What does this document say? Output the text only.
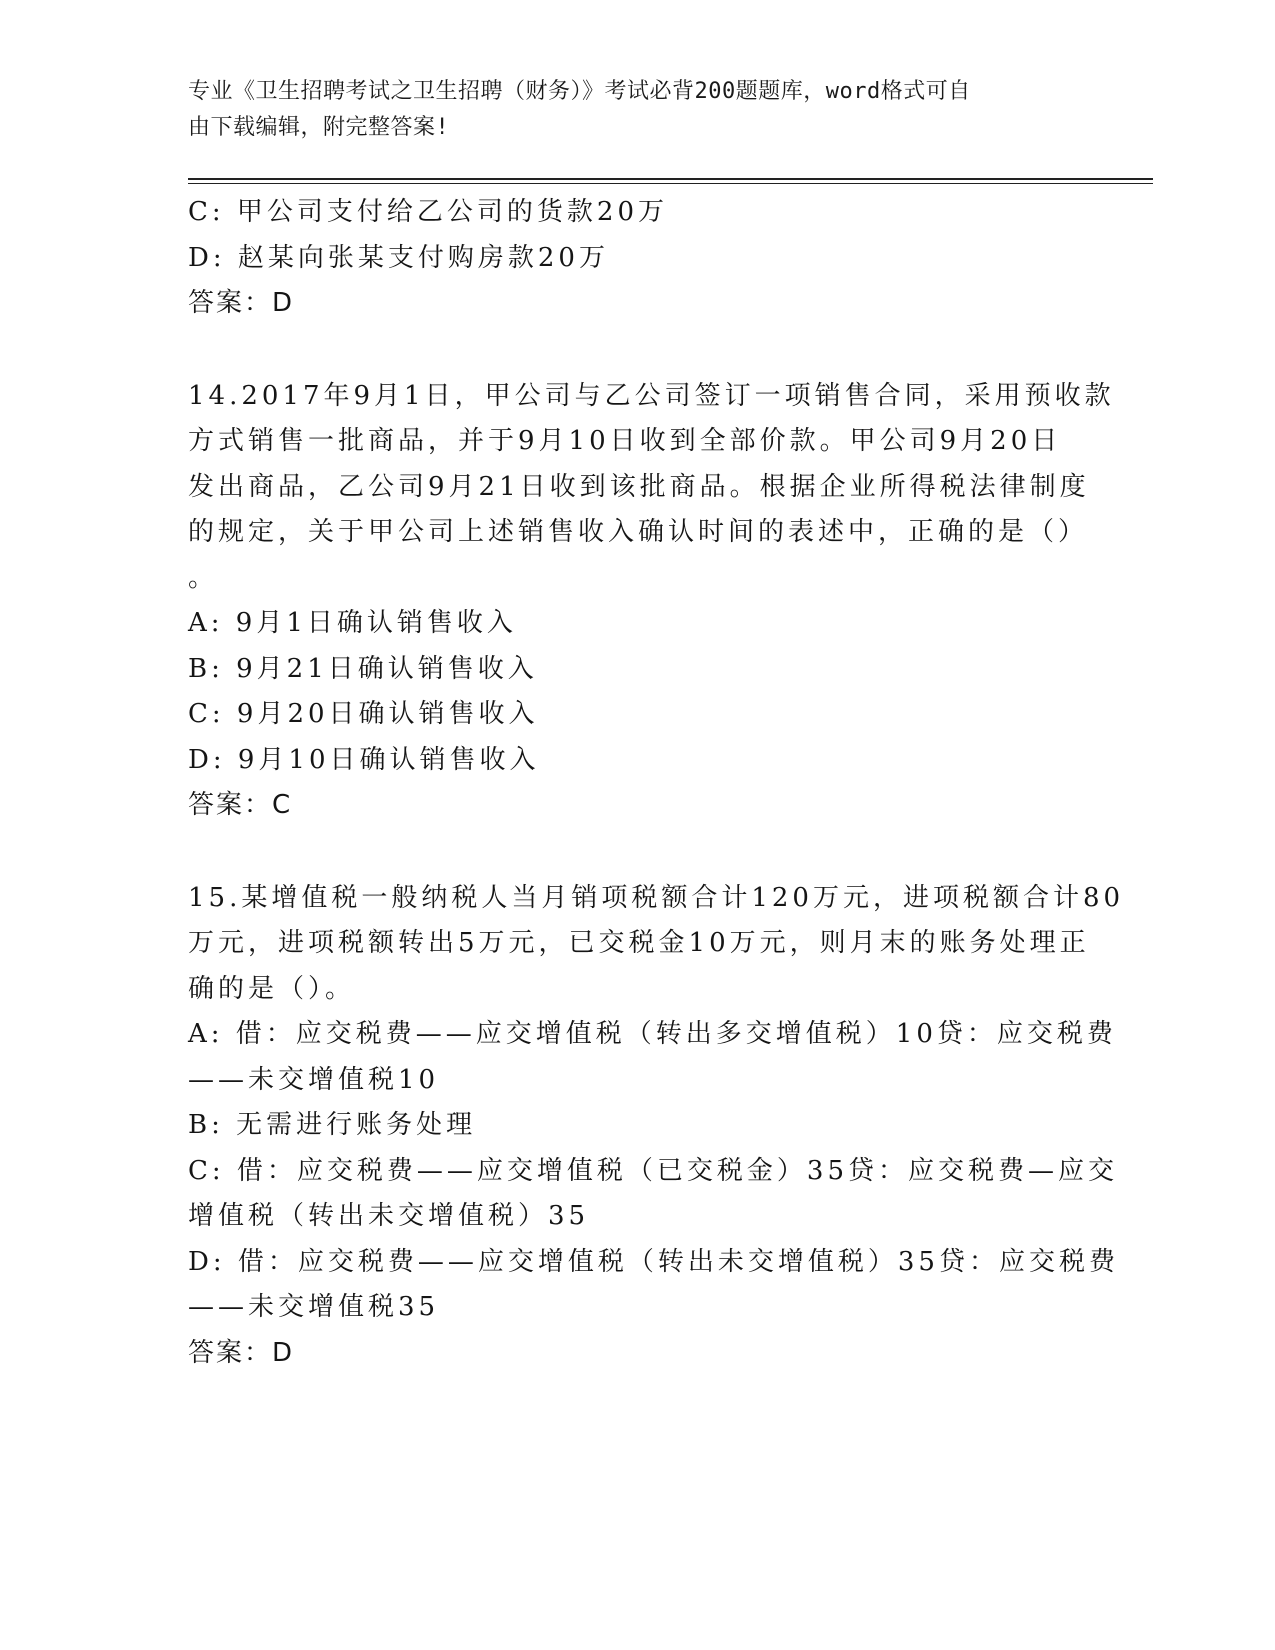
专业《卫生招聘考试之卫生招聘（财务）》考试必背200题题库，word格式可自
由下载编辑，附完整答案!
C: 甲公司支付给乙公司的货款20万
D: 赵某向张某支付购房款20万
答案：D
14.2017年9月1日，甲公司与乙公司签订一项销售合同，采用预收款
方式销售一批商品，并于9月10日收到全部价款。甲公司9月20日
发出商品，乙公司9月21日收到该批商品。根据企业所得税法律制度
的规定，关于甲公司上述销售收入确认时间的表述中，正确的是（）
。
A: 9月1日确认销售收入
B: 9月21日确认销售收入
C: 9月20日确认销售收入
D: 9月10日确认销售收入
答案：C
15.某增值税一般纳税人当月销项税额合计120万元，进项税额合计80
万元，进项税额转出5万元，已交税金10万元，则月末的账务处理正
确的是（）。
A: 借：应交税费——应交增值税（转出多交增值税）10贷：应交税费
——未交增值税10
B: 无需进行账务处理
C: 借：应交税费——应交增值税（已交税金）35贷：应交税费—应交
增值税（转出未交增值税）35
D: 借：应交税费——应交增值税（转出未交增值税）35贷：应交税费
——未交增值税35
答案：D
